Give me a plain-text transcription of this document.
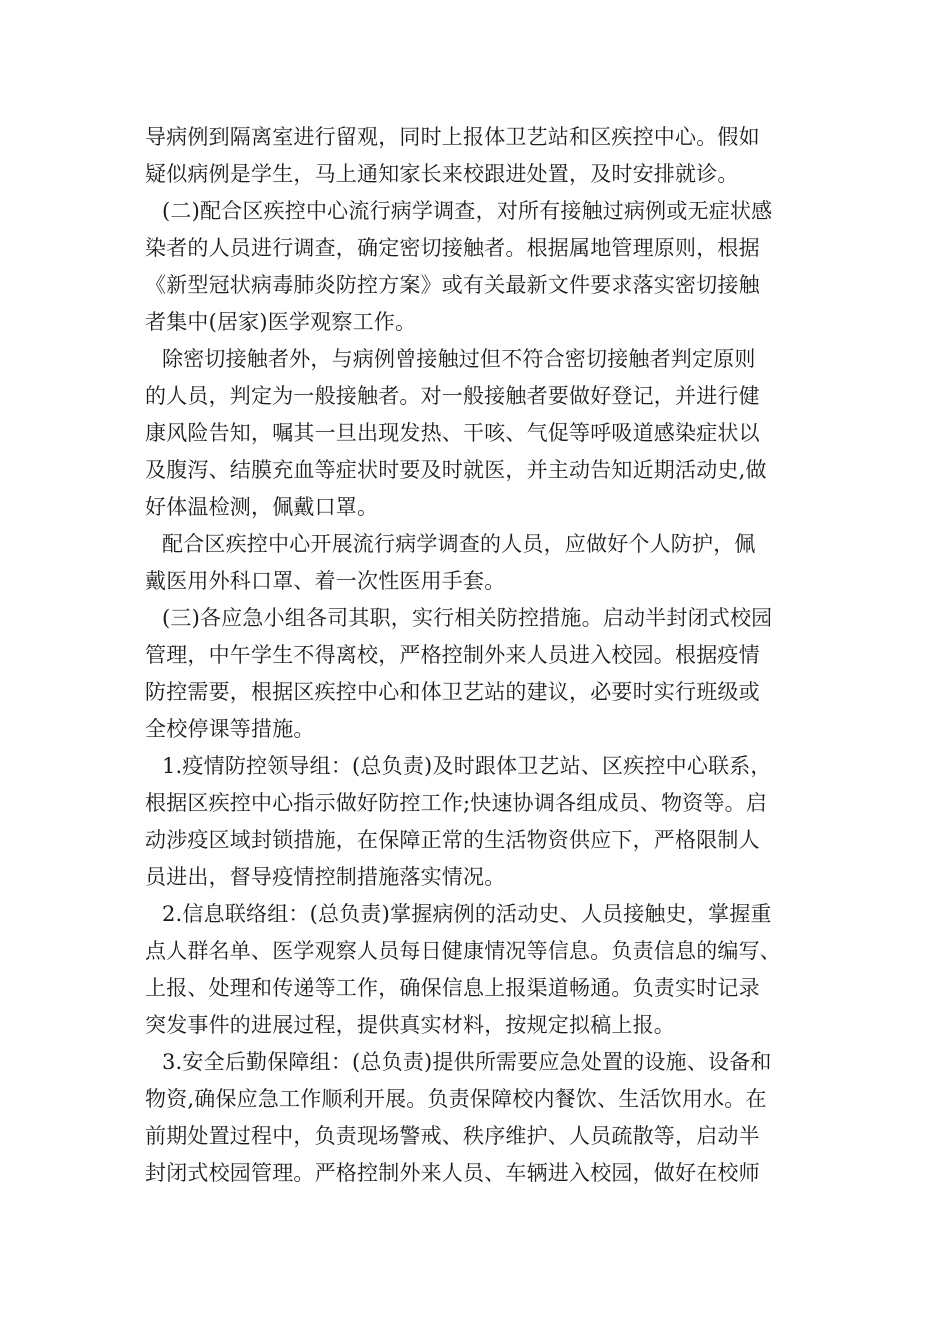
导病例到隔离室进行留观，同时上报体卫艺站和区疾控中心。假如
疑似病例是学生，马上通知家长来校跟进处置，及时安排就诊。
(二)配合区疾控中心流行病学调查，对所有接触过病例或无症状感
染者的人员进行调查，确定密切接触者。根据属地管理原则，根据
《新型冠状病毒肺炎防控方案》或有关最新文件要求落实密切接触
者集中(居家)医学观察工作。
除密切接触者外，与病例曾接触过但不符合密切接触者判定原则
的人员，判定为一般接触者。对一般接触者要做好登记，并进行健
康风险告知，嘱其一旦出现发热、干咳、气促等呼吸道感染症状以
及腹泻、结膜充血等症状时要及时就医，并主动告知近期活动史,做
好体温检测，佩戴口罩。
配合区疾控中心开展流行病学调查的人员，应做好个人防护，佩
戴医用外科口罩、着一次性医用手套。
(三)各应急小组各司其职，实行相关防控措施。启动半封闭式校园
管理，中午学生不得离校，严格控制外来人员进入校园。根据疫情
防控需要，根据区疾控中心和体卫艺站的建议，必要时实行班级或
全校停课等措施。
1.疫情防控领导组：(总负责)及时跟体卫艺站、区疾控中心联系，
根据区疾控中心指示做好防控工作;快速协调各组成员、物资等。启
动涉疫区域封锁措施，在保障正常的生活物资供应下，严格限制人
员进出，督导疫情控制措施落实情况。
2.信息联络组：(总负责)掌握病例的活动史、人员接触史，掌握重
点人群名单、医学观察人员每日健康情况等信息。负责信息的编写、
上报、处理和传递等工作，确保信息上报渠道畅通。负责实时记录
突发事件的进展过程，提供真实材料，按规定拟稿上报。
3.安全后勤保障组：(总负责)提供所需要应急处置的设施、设备和
物资,确保应急工作顺利开展。负责保障校内餐饮、生活饮用水。在
前期处置过程中，负责现场警戒、秩序维护、人员疏散等，启动半
封闭式校园管理。严格控制外来人员、车辆进入校园，做好在校师
